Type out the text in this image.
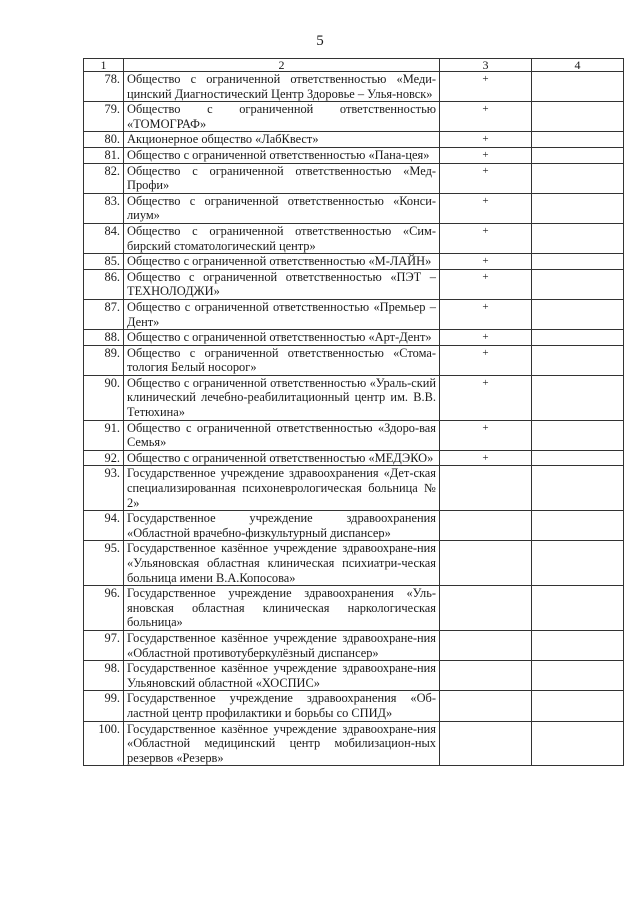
5
1	2	3	4
78.	Общество с ограниченной ответственностью «Меди-цинский Диагностический Центр Здоровье – Улья-новск»	+	
79.	Общество с ограниченной ответственностью «ТОМОГРАФ»	+	
80.	Акционерное общество «ЛабКвест»	+	
81.	Общество с ограниченной ответственностью «Пана-цея»	+	
82.	Общество с ограниченной ответственностью «Мед-Профи»	+	
83.	Общество с ограниченной ответственностью «Конси-лиум»	+	
84.	Общество с ограниченной ответственностью «Сим-бирский стоматологический центр»	+	
85.	Общество с ограниченной ответственностью «М-ЛАЙН»	+	
86.	Общество с ограниченной ответственностью «ПЭТ – ТЕХНОЛОДЖИ»	+	
87.	Общество с ограниченной ответственностью «Премьер – Дент»	+	
88.	Общество с ограниченной ответственностью «Арт-Дент»	+	
89.	Общество с ограниченной ответственностью «Стома-тология Белый носорог»	+	
90.	Общество с ограниченной ответственностью «Ураль-ский клинический лечебно-реабилитационный центр им. В.В. Тетюхина»	+	
91.	Общество с ограниченной ответственностью «Здоро-вая Семья»	+	
92.	Общество с ограниченной ответственностью «МЕДЭКО»	+	
93.	Государственное учреждение здравоохранения «Дет-ская специализированная психоневрологическая больница № 2»		
94.	Государственное учреждение здравоохранения «Областной врачебно-физкультурный диспансер»		
95.	Государственное казённое учреждение здравоохране-ния «Ульяновская областная клиническая психиатри-ческая больница имени В.А.Копосова»		
96.	Государственное учреждение здравоохранения «Уль-яновская областная клиническая наркологическая больница»		
97.	Государственное казённое учреждение здравоохране-ния «Областной противотуберкулёзный диспансер»		
98.	Государственное казённое учреждение здравоохране-ния Ульяновский областной «ХОСПИС»		
99.	Государственное учреждение здравоохранения «Об-ластной центр профилактики и борьбы со СПИД»		
100.	Государственное казённое учреждение здравоохране-ния «Областной медицинский центр мобилизацион-ных резервов «Резерв»		
